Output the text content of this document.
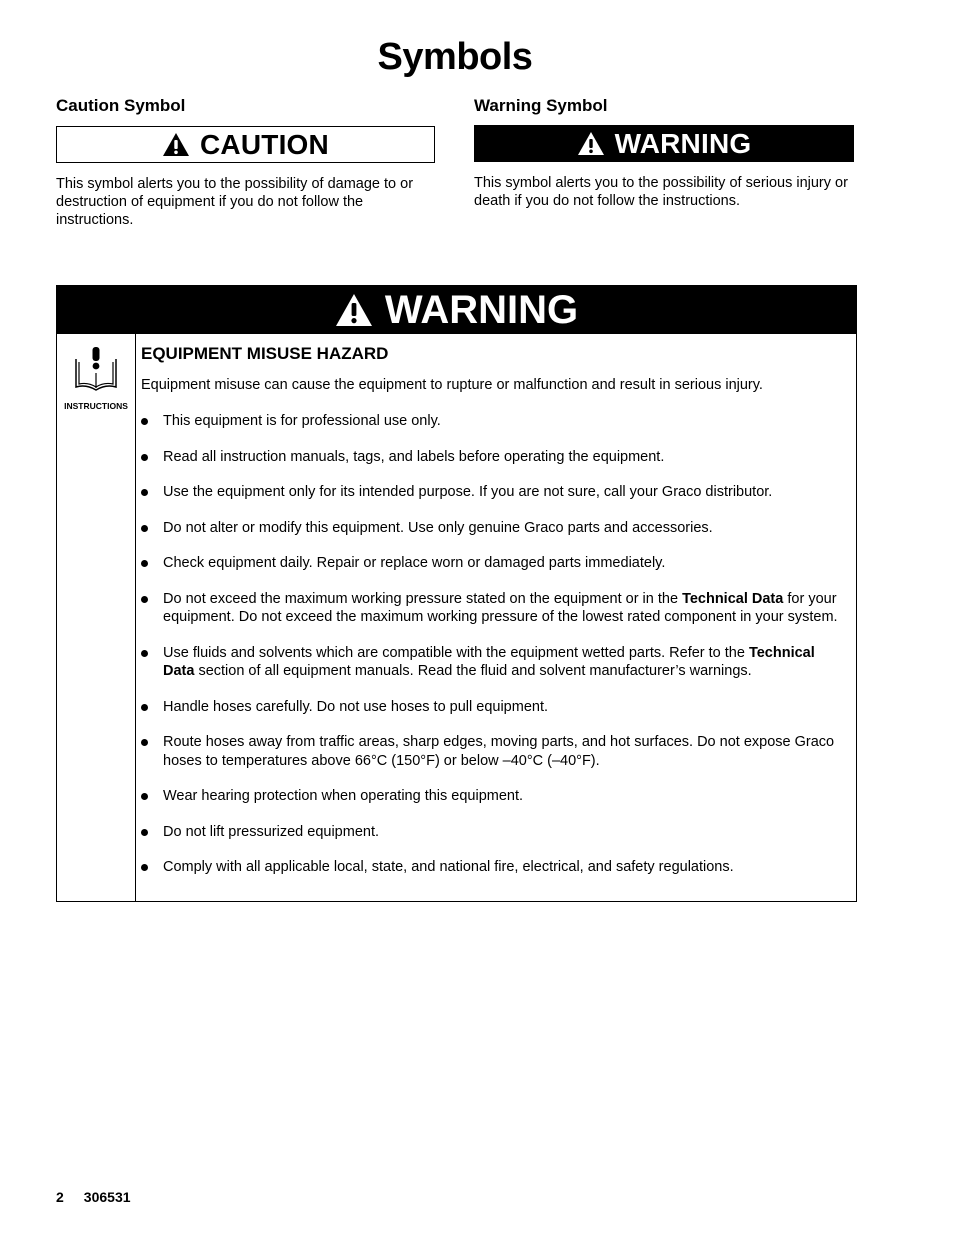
Symbols
Caution Symbol
CAUTION

This symbol alerts you to the possibility of damage to or destruction of equipment if you do not follow the instructions.

Warning Symbol
WARNING

This symbol alerts you to the possibility of serious injury or death if you do not follow the instructions.

WARNING
INSTRUCTIONS
EQUIPMENT MISUSE HAZARD

Equipment misuse can cause the equipment to rupture or malfunction and result in serious injury.

This equipment is for professional use only.
Read all instruction manuals, tags, and labels before operating the equipment.
Use the equipment only for its intended purpose. If you are not sure, call your Graco distributor.
Do not alter or modify this equipment. Use only genuine Graco parts and accessories.
Check equipment daily. Repair or replace worn or damaged parts immediately.
Do not exceed the maximum working pressure stated on the equipment or in the Technical Data for your equipment. Do not exceed the maximum working pressure of the lowest rated component in your system.
Use fluids and solvents which are compatible with the equipment wetted parts. Refer to the Technical Data section of all equipment manuals. Read the fluid and solvent manufacturer’s warnings.
Handle hoses carefully. Do not use hoses to pull equipment.
Route hoses away from traffic areas, sharp edges, moving parts, and hot surfaces. Do not expose Graco hoses to temperatures above 66°C (150°F) or below –40°C (–40°F).
Wear hearing protection when operating this equipment.
Do not lift pressurized equipment.
Comply with all applicable local, state, and national fire, electrical, and safety regulations.
2 306531
